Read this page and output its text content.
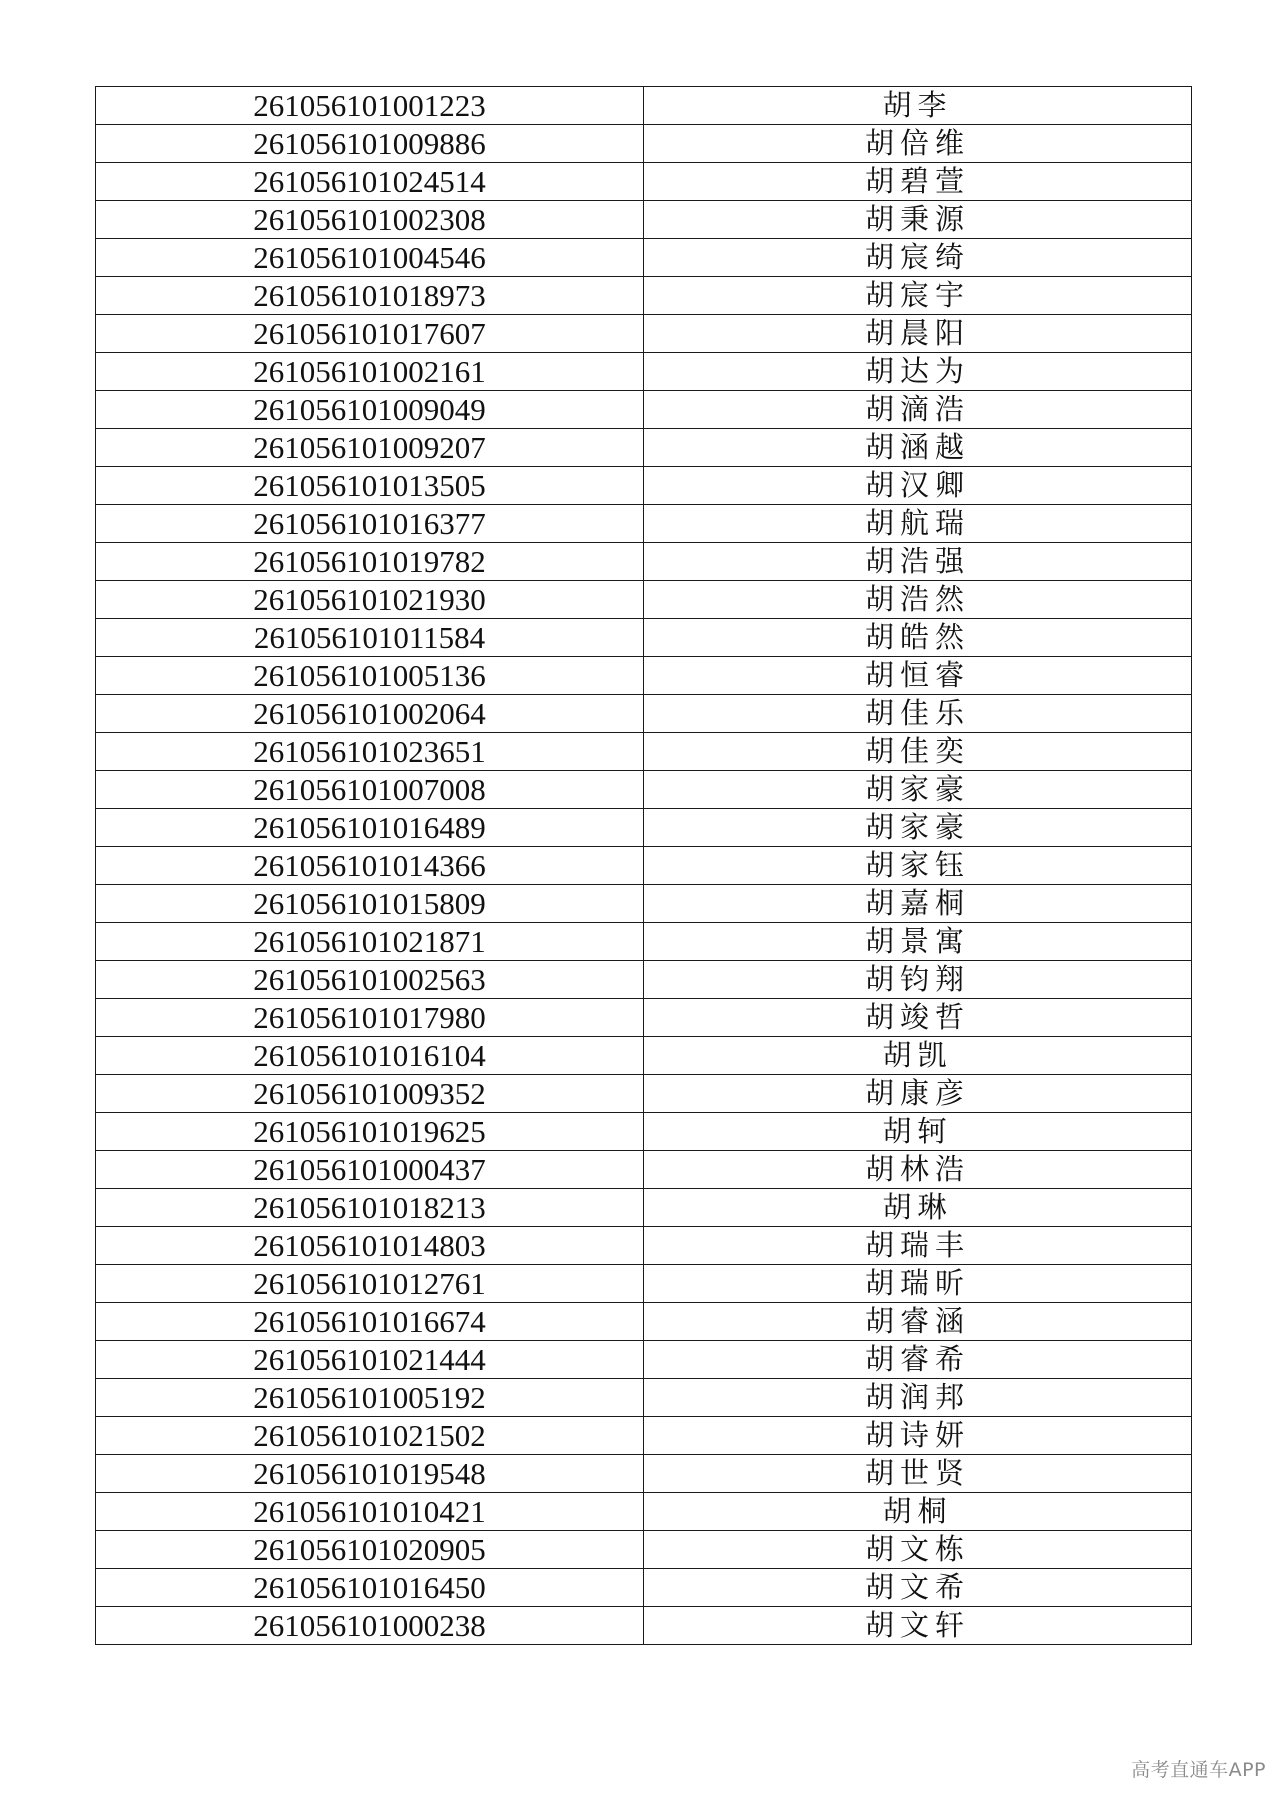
261056101001223	胡李
261056101009886	胡倍维
261056101024514	胡碧萱
261056101002308	胡秉源
261056101004546	胡宸绮
261056101018973	胡宸宇
261056101017607	胡晨阳
261056101002161	胡达为
261056101009049	胡滴浩
261056101009207	胡涵越
261056101013505	胡汉卿
261056101016377	胡航瑞
261056101019782	胡浩强
261056101021930	胡浩然
261056101011584	胡皓然
261056101005136	胡恒睿
261056101002064	胡佳乐
261056101023651	胡佳奕
261056101007008	胡家豪
261056101016489	胡家豪
261056101014366	胡家钰
261056101015809	胡嘉桐
261056101021871	胡景寓
261056101002563	胡钧翔
261056101017980	胡竣哲
261056101016104	胡凯
261056101009352	胡康彦
261056101019625	胡轲
261056101000437	胡林浩
261056101018213	胡琳
261056101014803	胡瑞丰
261056101012761	胡瑞昕
261056101016674	胡睿涵
261056101021444	胡睿希
261056101005192	胡润邦
261056101021502	胡诗妍
261056101019548	胡世贤
261056101010421	胡桐
261056101020905	胡文栋
261056101016450	胡文希
261056101000238	胡文轩
高考直通车APP
